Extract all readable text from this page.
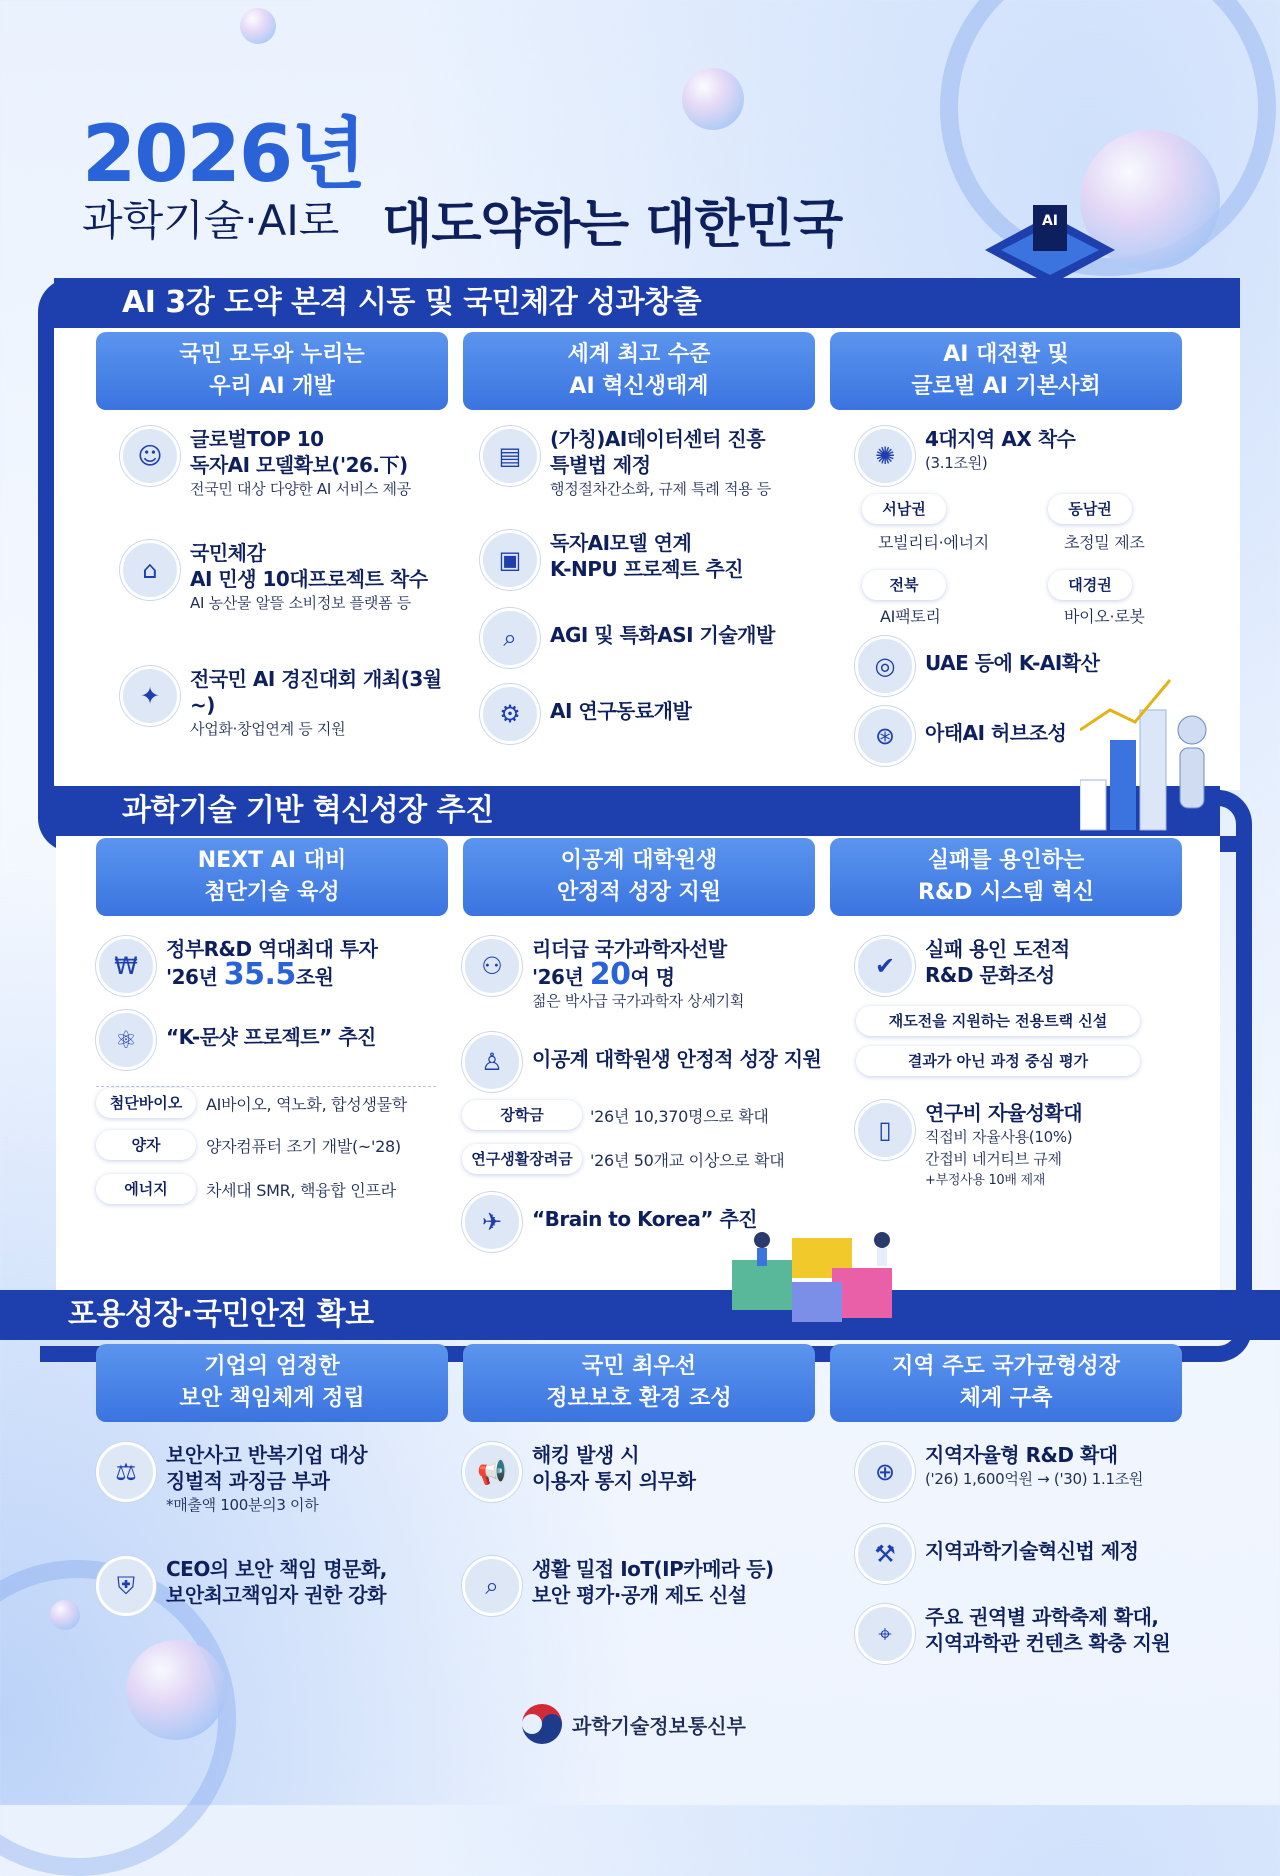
2026년
과학기술·AI로 대도약하는 대한민국	AI
AI 3강 도약 본격 시동 및 국민체감 성과창출
과학기술 기반 혁신성장 추진
포용성장·국민안전 확보
국민 모두와 누리는
우리 AI 개발
세계 최고 수준
AI 혁신생태계
AI 대전환 및
글로벌 AI 기본사회
☺
글로벌TOP 10
독자AI 모델확보('26.下)
전국민 대상 다양한 AI 서비스 제공
⌂
국민체감
AI 민생 10대프로젝트 착수
AI 농산물 알뜰 소비정보 플랫폼 등
✦
전국민 AI 경진대회 개최(3월~)
사업화·창업연계 등 지원
▤
(가칭)AI데이터센터 진흥
특별법 제정
행정절차간소화, 규제 특례 적용 등
▣
독자AI모델 연계
K-NPU 프로젝트 추진
⌕	AGI 및 특화ASI 기술개발
⚙	AI 연구동료개발
✺
4대지역 AX 착수
(3.1조원)
서남권
모빌리티·에너지
동남권
초정밀 제조
전북
AI팩토리
대경권
바이오·로봇
◎	UAE 등에 K-AI확산
⊛	아태AI 허브조성
NEXT AI 대비
첨단기술 육성
이공계 대학원생
안정적 성장 지원
실패를 용인하는
R&D 시스템 혁신
₩
정부R&D 역대최대 투자
'26년 35.5조원
⚛	“K-문샷 프로젝트” 추진
첨단바이오	AI바이오, 역노화, 합성생물학
양자	양자컴퓨터 조기 개발(~'28)
에너지	차세대 SMR, 핵융합 인프라
⚇
리더급 국가과학자선발
'26년 20여 명
젊은 박사급 국가과학자 상세기획
♙	이공계 대학원생 안정적 성장 지원
장학금	'26년 10,370명으로 확대
연구생활장려금	'26년 50개교 이상으로 확대
✈	“Brain to Korea” 추진
✔
실패 용인 도전적
R&D 문화조성
재도전을 지원하는 전용트랙 신설
결과가 아닌 과정 중심 평가
▯
연구비 자율성확대
직접비 자율사용(10%)
간접비 네거티브 규제
+부정사용 10배 제재
기업의 엄정한
보안 책임체계 정립
국민 최우선
정보보호 환경 조성
지역 주도 국가균형성장
체계 구축
⚖
보안사고 반복기업 대상
징벌적 과징금 부과
*매출액 100분의3 이하
⛨
CEO의 보안 책임 명문화,
보안최고책임자 권한 강화
📢
해킹 발생 시
이용자 통지 의무화
⌕
생활 밀접 IoT(IP카메라 등)
보안 평가·공개 제도 신설
⊕
지역자율형 R&D 확대
('26) 1,600억원 → ('30) 1.1조원
⚒	지역과학기술혁신법 제정
⌖
주요 권역별 과학축제 확대,
지역과학관 컨텐츠 확충 지원
과학기술정보통신부
